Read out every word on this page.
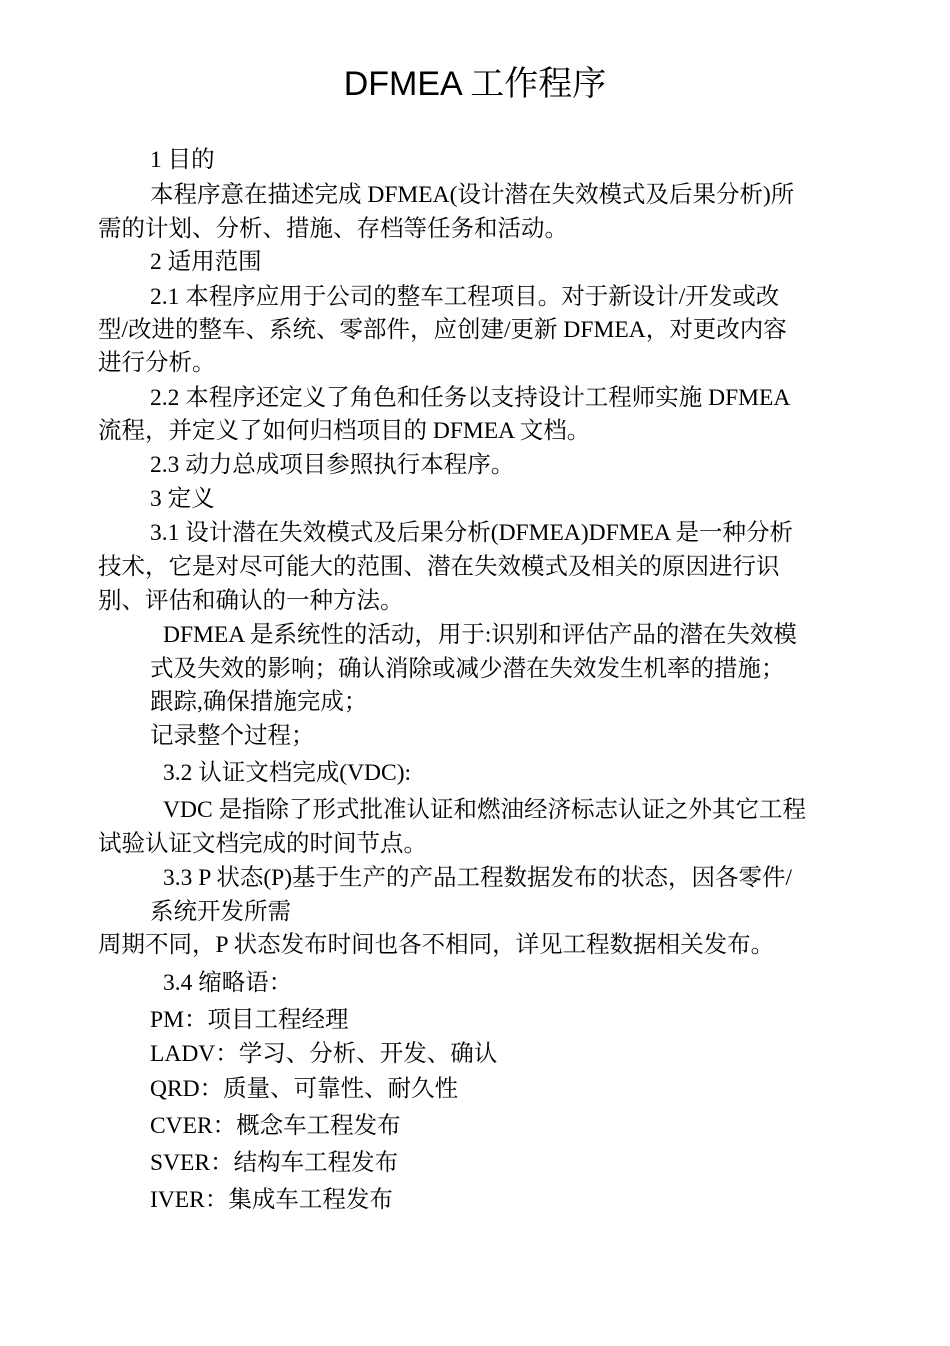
DFMEA 工作程序
1 目的
本程序意在描述完成 DFMEA(设计潜在失效模式及后果分析)所
需的计划、分析、措施、存档等任务和活动。
2 适用范围
2.1 本程序应用于公司的整车工程项目。对于新设计/开发或改
型/改进的整车、系统、零部件，应创建/更新 DFMEA，对更改内容
进行分析。
2.2 本程序还定义了角色和任务以支持设计工程师实施 DFMEA
流程，并定义了如何归档项目的 DFMEA 文档。
2.3 动力总成项目参照执行本程序。
3 定义
3.1 设计潜在失效模式及后果分析(DFMEA)DFMEA 是一种分析
技术，它是对尽可能大的范围、潜在失效模式及相关的原因进行识
别、评估和确认的一种方法。
DFMEA 是系统性的活动，用于:识别和评估产品的潜在失效模
式及失效的影响；确认消除或减少潜在失效发生机率的措施；
跟踪,确保措施完成；
记录整个过程；
3.2 认证文档完成(VDC):
VDC 是指除了形式批准认证和燃油经济标志认证之外其它工程
试验认证文档完成的时间节点。
3.3 P 状态(P)基于生产的产品工程数据发布的状态，因各零件/
系统开发所需
周期不同，P 状态发布时间也各不相同，详见工程数据相关发布。
3.4 缩略语：
PM：项目工程经理
LADV：学习、分析、开发、确认
QRD：质量、可靠性、耐久性
CVER：概念车工程发布
SVER：结构车工程发布
IVER：集成车工程发布
